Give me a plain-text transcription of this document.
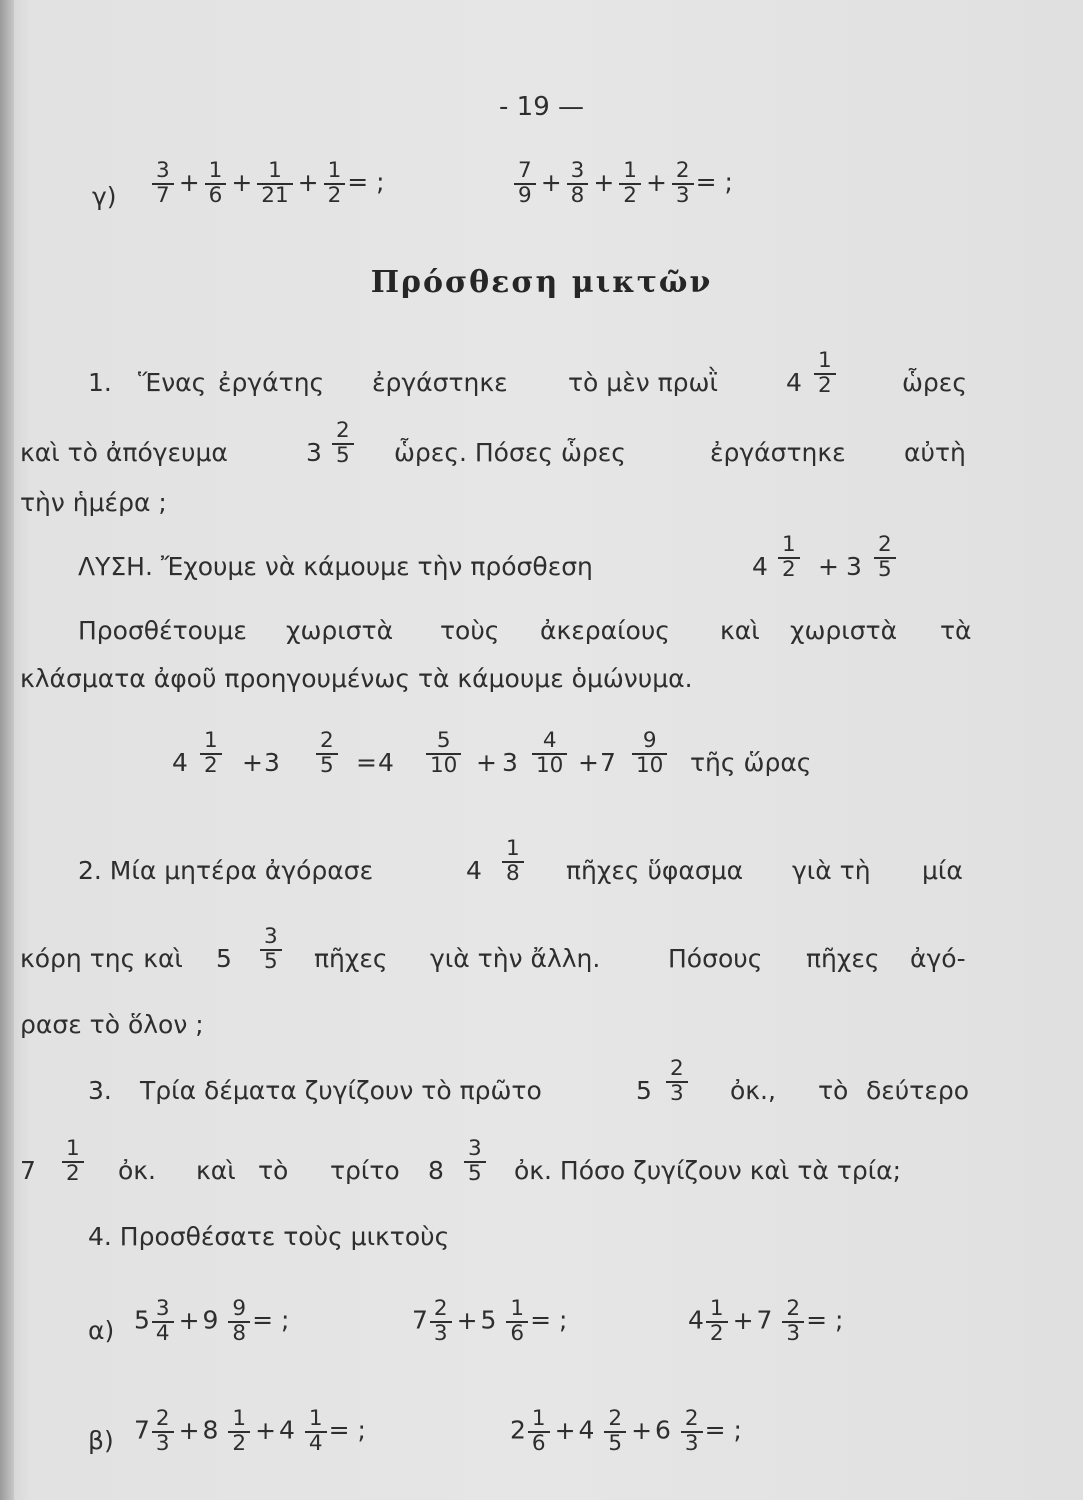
- 19 —
$\gamma) \frac{3}{7} + \frac{1}{6} + \frac{1}{21} + \frac{1}{2}$ = ;	$\frac{7}{9} + \frac{3}{8} + \frac{1}{2} + \frac{2}{3}$ = ;
Πρόσθεση μικτῶν
1. Ἕνας ἐργάτης ἐργάστηκε τὸ μὲν πρωῒ	$4 \frac{1}{2}$	ὧρες
καὶ τὸ ἀπόγευμα	$3 \frac{2}{5}$ ὧρες. Πόσες ὧρες	ἐργάστηκε αὐτὴ
τὴν ἡμέρα ;
ΛΥΣΗ. Ἔχουμε νὰ κάμουμε τὴν πρόσθεση	$4 \frac{1}{2} + 3 \frac{2}{5}$
Προσθέτουμε χωριστὰ τοὺς ἀκεραίους καὶ χωριστὰ τὰ
κλάσματα ἀφοῦ προηγουμένως τὰ κάμουμε ὁμώνυμα.
$4 \frac{1}{2} + 3 \frac{2}{5} = 4 \frac{5}{10} + 3 \frac{4}{10} + 7 \frac{9}{10}$ τῆς ὥρας
2. Μία μητέρα ἀγόρασε	$4 \frac{1}{8}$ πῆχες ὕφασμα γιὰ τὴ μία
κόρη της καὶ $5 \frac{3}{5}$ πῆχες γιὰ τὴν ἄλλη.	Πόσους πῆχες ἀγό-
ρασε τὸ ὅλον ;
3. Τρία δέματα ζυγίζουν τὸ πρῶτο	$5 \frac{2}{3}$ ὀκ., τὸ δεύτερο
$7 \frac{1}{2}$ ὀκ. καὶ τὸ τρίτο $8 \frac{3}{5}$ ὀκ. Πόσο ζυγίζουν καὶ τὰ τρία;
4. Προσθέσατε τοὺς μικτοὺς
α) $5 \frac{3}{4} + 9 \frac{9}{8}$ = ;	$7 \frac{2}{3} + 5 \frac{1}{6}$ = ;	$4 \frac{1}{2} + 7 \frac{2}{3}$ = ;
β) $7 \frac{2}{3} + 8 \frac{1}{2} + 4 \frac{1}{4}$ = ;	$2 \frac{1}{6} + 4 \frac{2}{5} + 6 \frac{2}{3}$ = ;
